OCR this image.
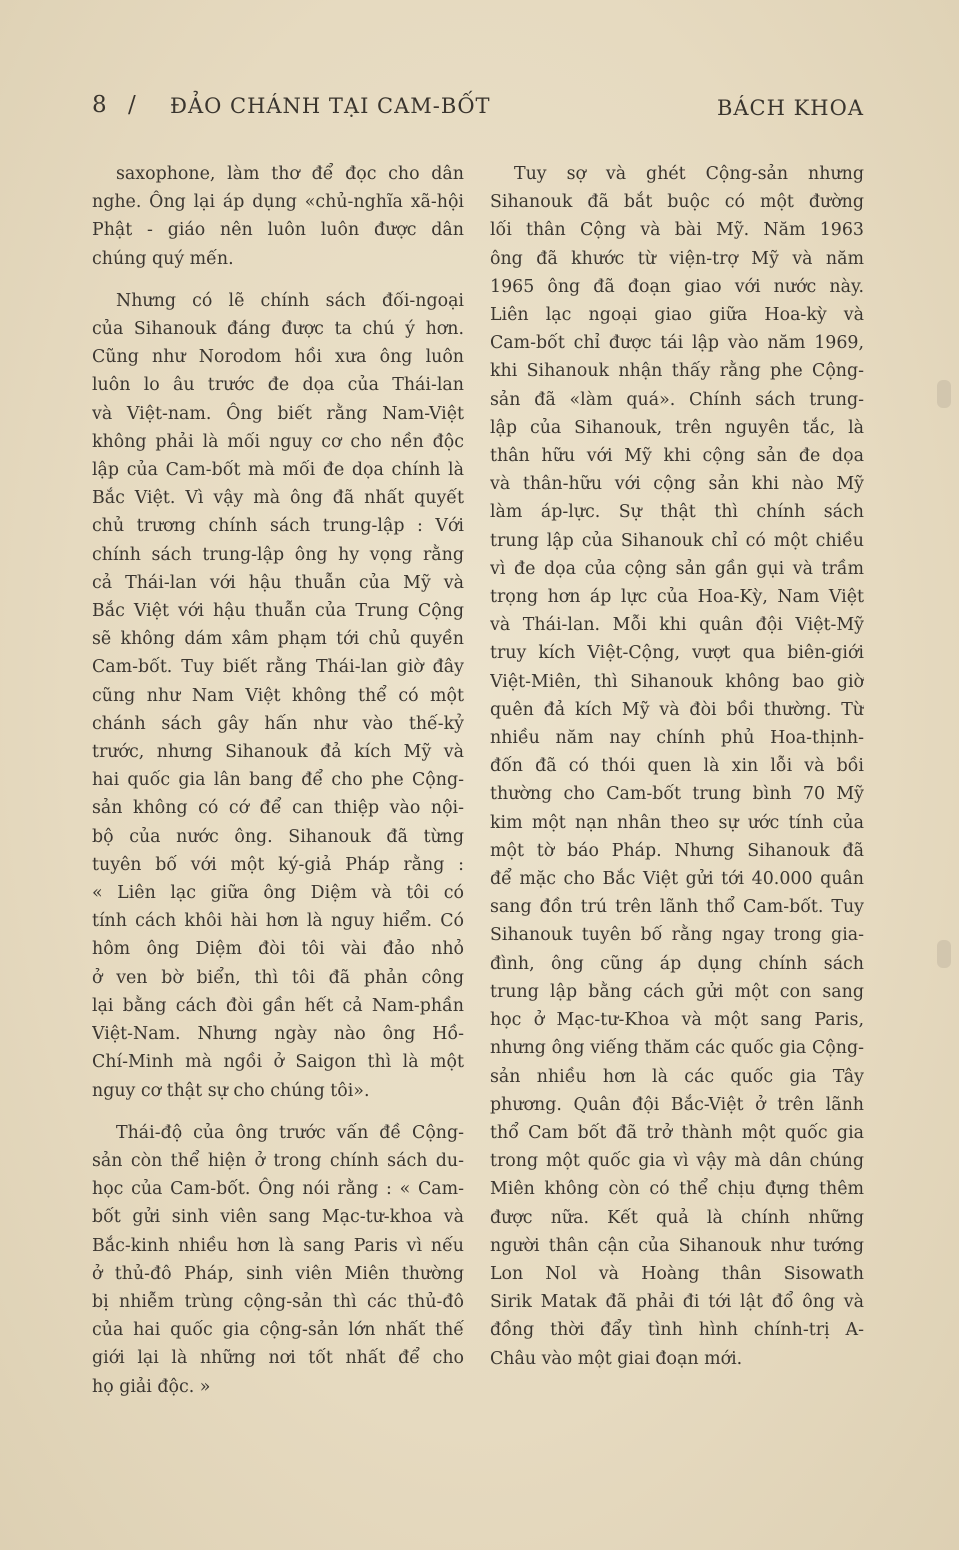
8 / ĐẢO CHÁNH TẠI CAM-BỐT	BÁCH KHOA
saxophone, làm thơ để đọc cho dân
nghe. Ông lại áp dụng «chủ-nghĩa xã-hội
Phật - giáo nên luôn luôn được dân
chúng quý mến.
Nhưng có lẽ chính sách đối-ngoại
của Sihanouk đáng được ta chú ý hơn.
Cũng như Norodom hồi xưa ông luôn
luôn lo âu trước đe dọa của Thái-lan
và Việt-nam. Ông biết rằng Nam-Việt
không phải là mối nguy cơ cho nền độc
lập của Cam-bốt mà mối đe dọa chính là
Bắc Việt. Vì vậy mà ông đã nhất quyết
chủ trương chính sách trung-lập : Với
chính sách trung-lập ông hy vọng rằng
cả Thái-lan với hậu thuẫn của Mỹ và
Bắc Việt với hậu thuẫn của Trung Cộng
sẽ không dám xâm phạm tới chủ quyền
Cam-bốt. Tuy biết rằng Thái-lan giờ đây
cũng như Nam Việt không thể có một
chánh sách gây hấn như vào thế-kỷ
trước, nhưng Sihanouk đả kích Mỹ và
hai quốc gia lân bang để cho phe Cộng-
sản không có cớ để can thiệp vào nội-
bộ của nước ông. Sihanouk đã từng
tuyên bố với một ký-giả Pháp rằng :
« Liên lạc giữa ông Diệm và tôi có
tính cách khôi hài hơn là nguy hiểm. Có
hôm ông Diệm đòi tôi vài đảo nhỏ
ở ven bờ biển, thì tôi đã phản công
lại bằng cách đòi gần hết cả Nam-phần
Việt-Nam. Nhưng ngày nào ông Hồ-
Chí-Minh mà ngồi ở Saigon thì là một
nguy cơ thật sự cho chúng tôi».
Thái-độ của ông trước vấn đề Cộng-
sản còn thể hiện ở trong chính sách du-
học của Cam-bốt. Ông nói rằng : « Cam-
bốt gửi sinh viên sang Mạc-tư-khoa và
Bắc-kinh nhiều hơn là sang Paris vì nếu
ở thủ-đô Pháp, sinh viên Miên thường
bị nhiễm trùng cộng-sản thì các thủ-đô
của hai quốc gia cộng-sản lớn nhất thế
giới lại là những nơi tốt nhất để cho
họ giải độc. »
Tuy sợ và ghét Cộng-sản nhưng
Sihanouk đã bắt buộc có một đường
lối thân Cộng và bài Mỹ. Năm 1963
ông đã khước từ viện-trợ Mỹ và năm
1965 ông đã đoạn giao với nước này.
Liên lạc ngoại giao giữa Hoa-kỳ và
Cam-bốt chỉ được tái lập vào năm 1969,
khi Sihanouk nhận thấy rằng phe Cộng-
sản đã «làm quá». Chính sách trung-
lập của Sihanouk, trên nguyên tắc, là
thân hữu với Mỹ khi cộng sản đe dọa
và thân-hữu với cộng sản khi nào Mỹ
làm áp-lực. Sự thật thì chính sách
trung lập của Sihanouk chỉ có một chiều
vì đe dọa của cộng sản gần gụi và trầm
trọng hơn áp lực của Hoa-Kỳ, Nam Việt
và Thái-lan. Mỗi khi quân đội Việt-Mỹ
truy kích Việt-Cộng, vượt qua biên-giới
Việt-Miên, thì Sihanouk không bao giờ
quên đả kích Mỹ và đòi bồi thường. Từ
nhiều năm nay chính phủ Hoa-thịnh-
đốn đã có thói quen là xin lỗi và bồi
thường cho Cam-bốt trung bình 70 Mỹ
kim một nạn nhân theo sự ước tính của
một tờ báo Pháp. Nhưng Sihanouk đã
để mặc cho Bắc Việt gửi tới 40.000 quân
sang đồn trú trên lãnh thổ Cam-bốt. Tuy
Sihanouk tuyên bố rằng ngay trong gia-
đình, ông cũng áp dụng chính sách
trung lập bằng cách gửi một con sang
học ở Mạc-tư-Khoa và một sang Paris,
nhưng ông viếng thăm các quốc gia Cộng-
sản nhiều hơn là các quốc gia Tây
phương. Quân đội Bắc-Việt ở trên lãnh
thổ Cam bốt đã trở thành một quốc gia
trong một quốc gia vì vậy mà dân chúng
Miên không còn có thể chịu đựng thêm
được nữa. Kết quả là chính những
người thân cận của Sihanouk như tướng
Lon Nol và Hoàng thân Sisowath
Sirik Matak đã phải đi tới lật đổ ông và
đồng thời đẩy tình hình chính-trị A-
Châu vào một giai đoạn mới.
